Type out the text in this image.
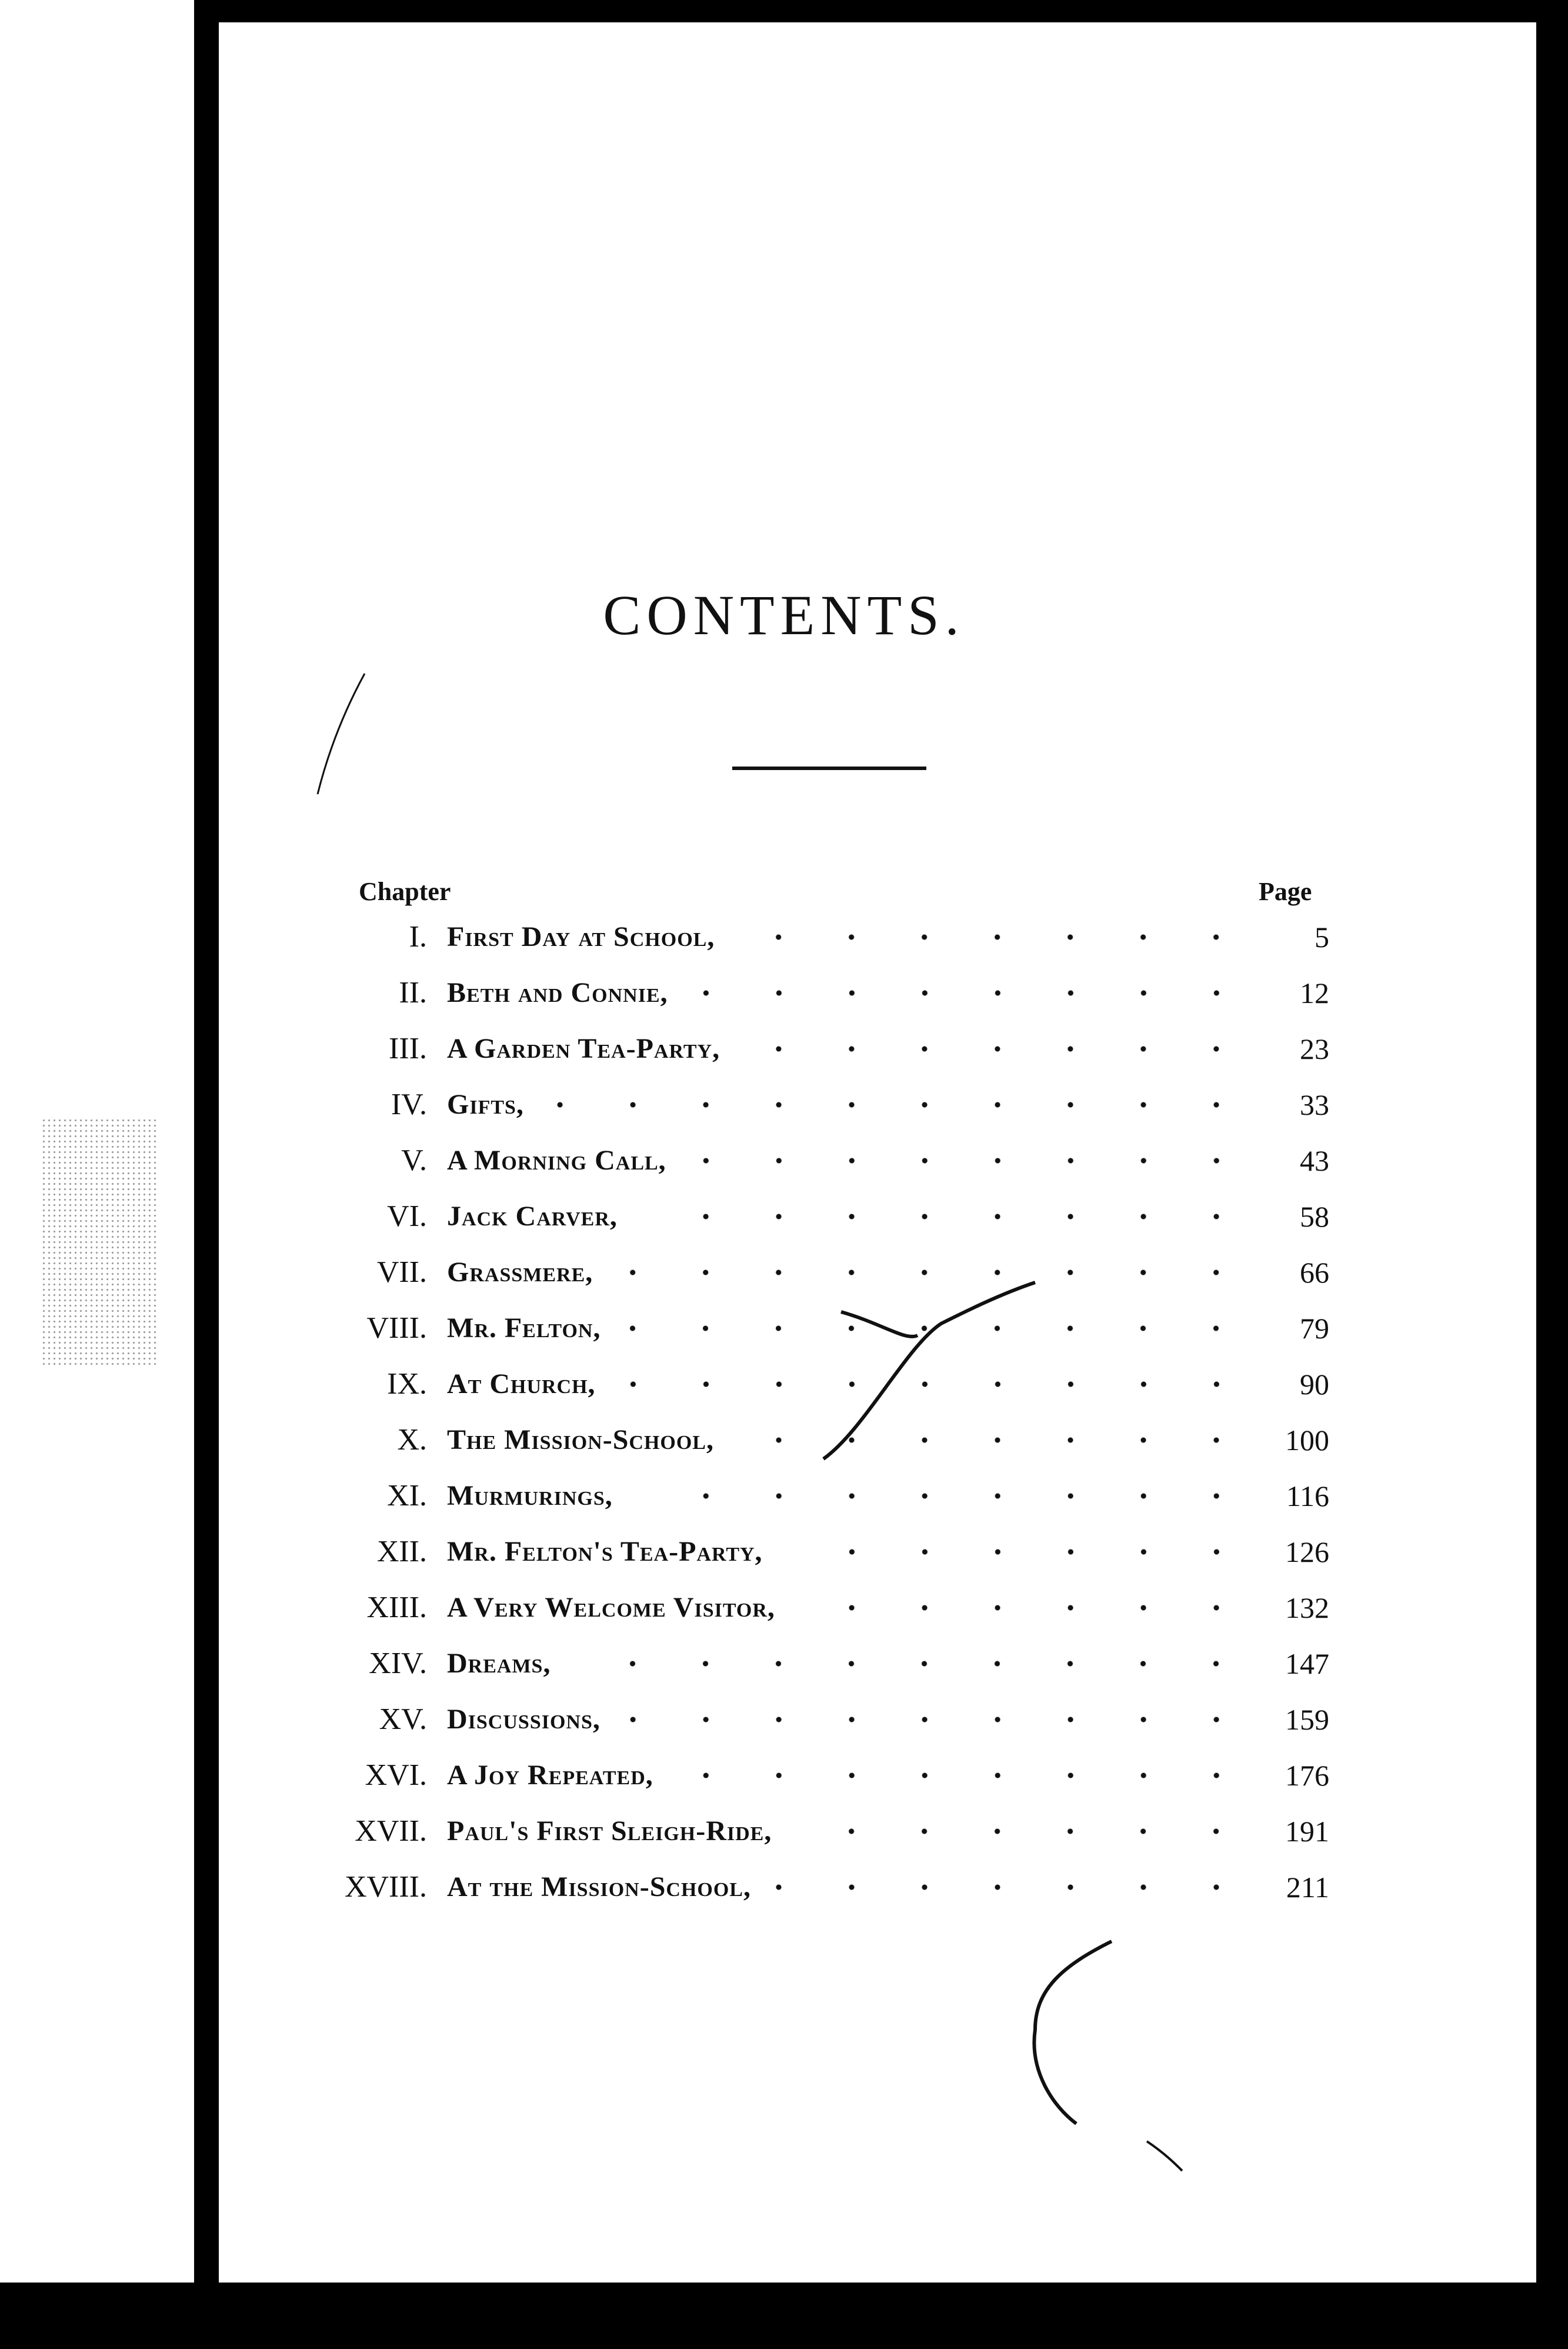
CONTENTS.
Chapter	Page
I. First Day at School,	5
II. Beth and Connie,	12
III. A Garden Tea-Party,	23
IV. Gifts,	33
V. A Morning Call,	43
VI. Jack Carver,	58
VII. Grassmere,	66
VIII. Mr. Felton,	79
IX. At Church,	90
X. The Mission-School,	100
XI. Murmurings,	116
XII. Mr. Felton's Tea-Party,	126
XIII. A Very Welcome Visitor,	132
XIV. Dreams,	147
XV. Discussions,	159
XVI. A Joy Repeated,	176
XVII. Paul's First Sleigh-Ride,	191
XVIII. At the Mission-School,	211
